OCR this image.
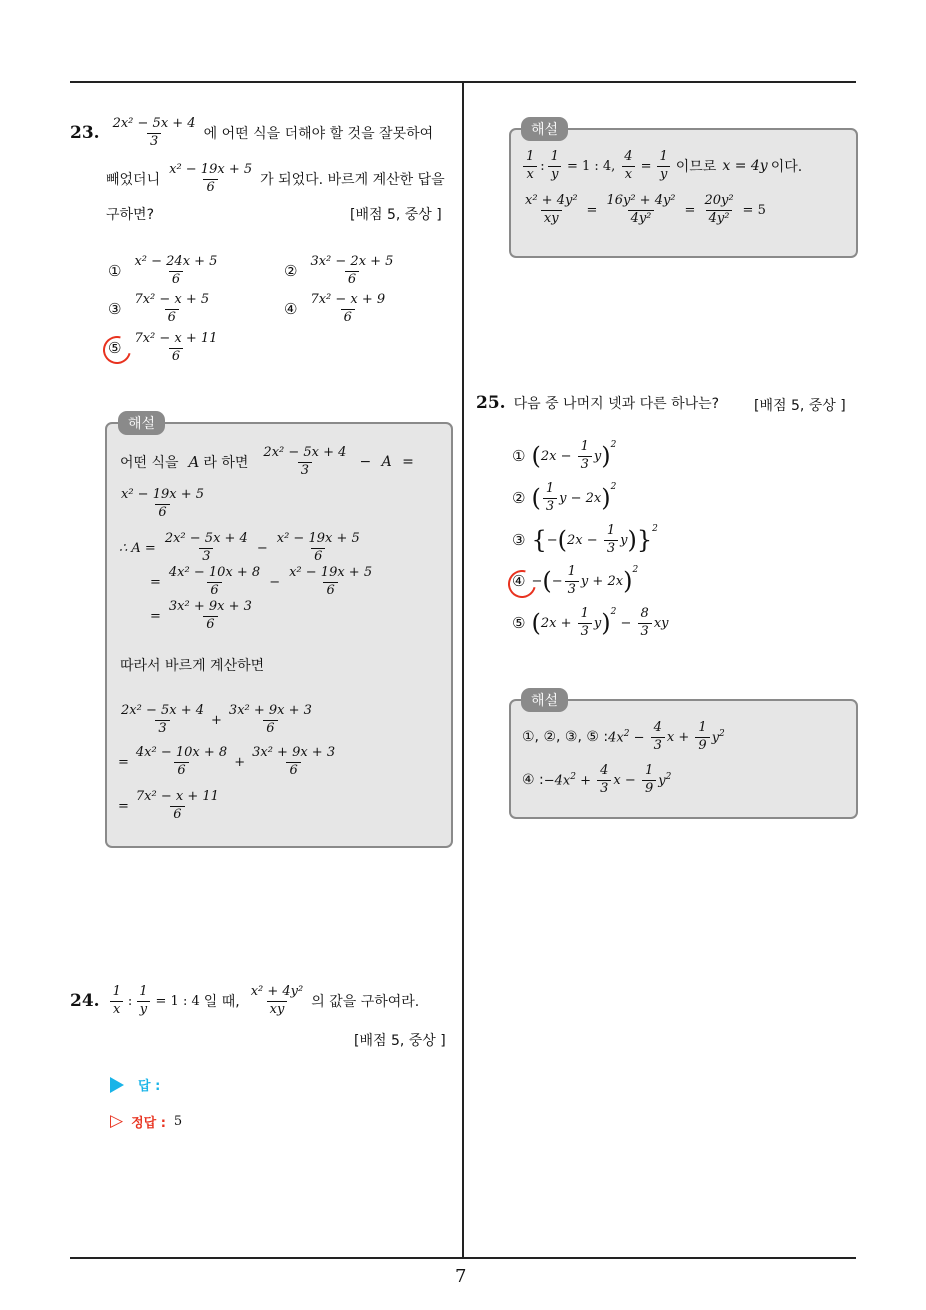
7
23. $\frac{\text{2x² − 5x + 4}}{3}$ 에 어떤 식을 더해야 할 것을 잘못하여
빼었더니 $\frac{\text{x² − 19x + 5}}{6}$ 가 되었다. 바르게 계산한 답을
구하면?	[배점 5, 중상 ]
① $\frac{\text{x² − 24x + 5}}{6}$	② $\frac{\text{3x² − 2x + 5}}{6}$
③ $\frac{\text{7x² − x + 5}}{6}$	④ $\frac{\text{7x² − x + 9}}{6}$
⑤ $\frac{\text{7x² − x + 11}}{6}$
해설
어떤 식을 A 라 하면 $\frac{\text{2x² − 5x + 4}}{3} - A$ =
$\frac{\text{x² − 19x + 5}}{6}$
∴ $A = \frac{\text{2x² − 5x + 4}}{3} - \frac{\text{x² − 19x + 5}}{6}$
= $\frac{\text{4x² − 10x + 8}}{6} - \frac{\text{x² − 19x + 5}}{6}$
= $\frac{\text{3x² + 9x + 3}}{6}$
따라서 바르게 계산하면
$\frac{\text{2x² − 5x + 4}}{3} + \frac{\text{3x² + 9x + 3}}{6}$
= $\frac{\text{4x² − 10x + 8}}{6} + \frac{\text{3x² + 9x + 3}}{6}$
= $\frac{\text{7x² − x + 11}}{6}$
24. $\frac{1}{x}$ : $\frac{1}{y} = 1$ : 4 일 때, $\frac{\text{x² + 4y²}}{xy}$ 의 값을 구하여라.
[배점 5, 중상 ]
답 :
▷ 정답 : 5
해설
$\frac{1}{x}$ : $\frac{1}{y} = 1$ : 4, $\frac{4}{x} = \frac{1}{y}$ 이므로 x = 4y 이다.
$\frac{\text{x² + 4y²}}{xy} = \frac{\text{16y² + 4y²}}{\text{4y²}} = \frac{\text{20y²}}{\text{4y²}} = 5$
25. 다음 중 나머지 넷과 다른 하나는? [배점 5, 중상 ]
① ( 2 $x - \frac{1}{3}$ y )$^2$
② ( $\frac{1}{3}$ y − 2 x )$^2$
③ { − ( 2 $x - \frac{1}{3}$ y ) }$^2$
④ − ( − $\frac{1}{3}$ y + 2 x )$^2$
⑤ ( 2 $x + \frac{1}{3}$ y )$^2$
− $\frac{8}{3}$ xy
해설
①, ②, ③, ⑤ : $4x^2 - \frac{4}{3}$ $x + \frac{1}{9} y^2$
④ : $-4x^2 + \frac{4}{3}$ $x - \frac{1}{9} y^2$
